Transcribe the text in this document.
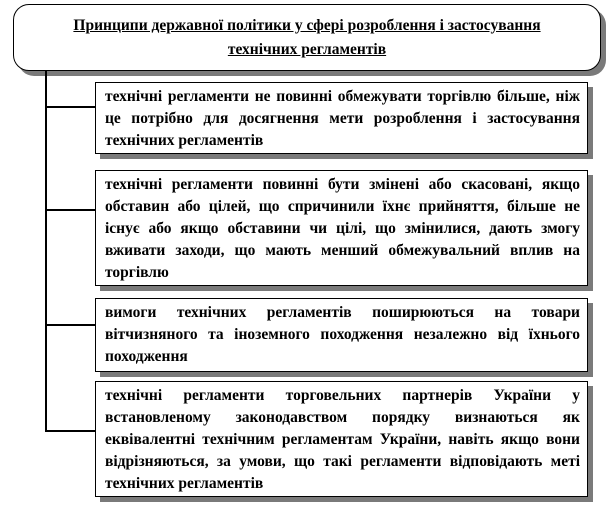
Принципи державної політики у сфері розроблення і застосування технічних регламентів
технічні регламенти не повинні обмежувати торгівлю більше, ніж це потрібно для досягнення мети розроблення і застосування технічних регламентів
технічні регламенти повинні бути змінені або скасовані, якщо обставин або цілей, що спричинили їхнє прийняття, більше не існує або якщо обставини чи цілі, що змінилися, дають змогу вживати заходи, що мають менший обмежувальний вплив на торгівлю
вимоги технічних регламентів поширюються на товари вітчизняного та іноземного походження незалежно від їхнього походження
технічні регламенти торговельних партнерів України у встановленому законодавством порядку визнаються як еквівалентні технічним регламентам України, навіть якщо вони відрізняються, за умови, що такі регламенти відповідають меті технічних регламентів
